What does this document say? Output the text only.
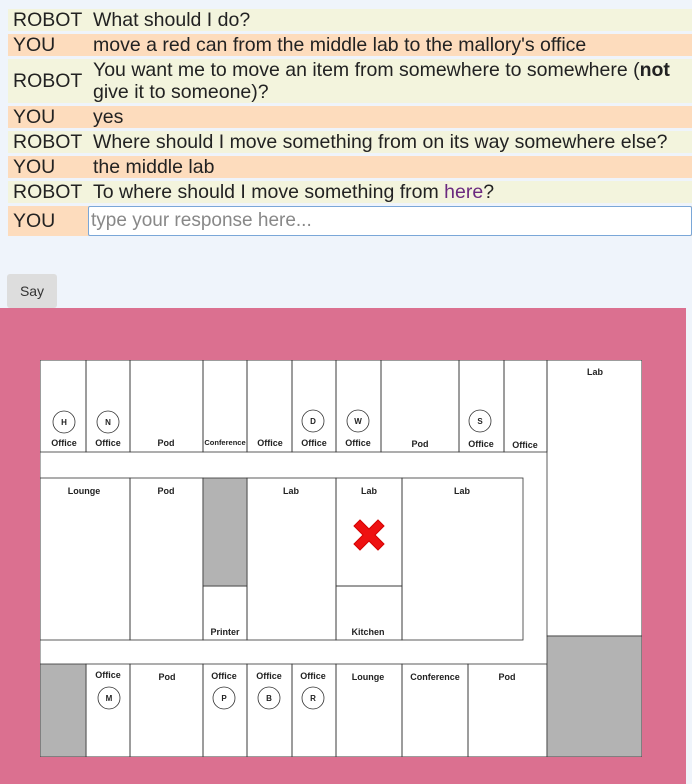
ROBOT	What should I do?
YOU	move a red can from the middle lab to the mallory's office
ROBOT	You want me to move an item from somewhere to somewhere (not give it to someone)?
YOU	yes
ROBOT	Where should I move something from on its way somewhere else?
YOU	the middle lab
ROBOT	To where should I move something from here?
YOU	type your response here...
Say
H	N	D	W	S
M	P	B	R
Office Office	Pod	Conference Office Office Office	Pod	Office Office
Lab
Lounge	Pod
Printer
Lab	Lab
Kitchen
Lab
Office	Pod	Office Office Office	Lounge	Conference	Pod
